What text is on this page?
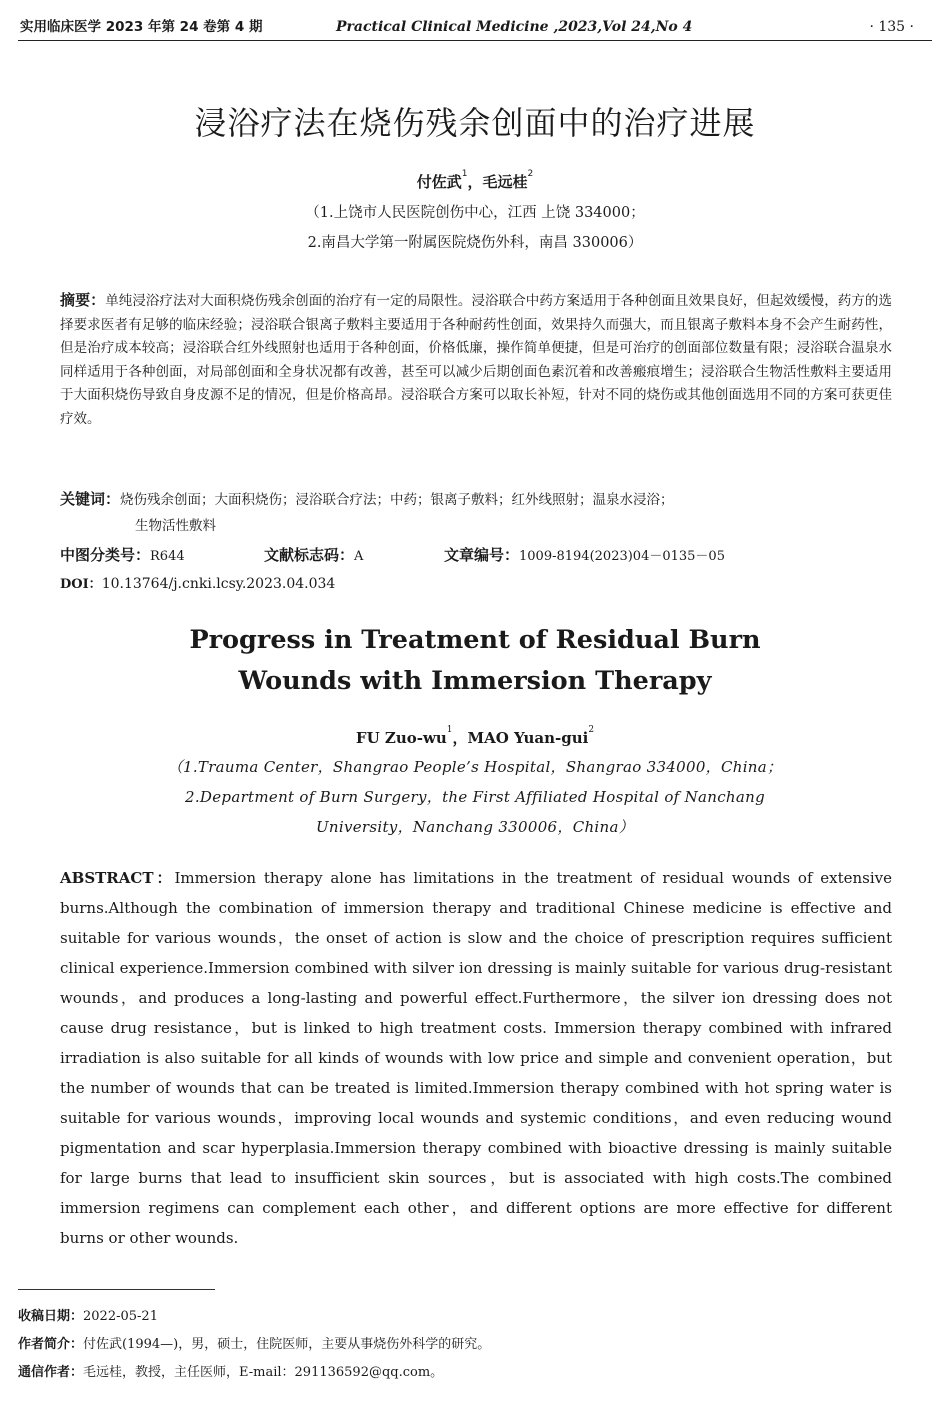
实用临床医学 2023 年第 24 卷第 4 期	Practical Clinical Medicine ,2023,Vol 24,No 4	· 135 ·
浸浴疗法在烧伤残余创面中的治疗进展
付佐武$^1$，毛远桂$^2$
（1.上饶市人民医院创伤中心，江西 上饶 334000；
2.南昌大学第一附属医院烧伤外科，南昌 330006）
摘要：单纯浸浴疗法对大面积烧伤残余创面的治疗有一定的局限性。浸浴联合中药方案适用于各种创面且效果良好，但起效缓慢，药方的选择要求医者有足够的临床经验；浸浴联合银离子敷料主要适用于各种耐药性创面，效果持久而强大，而且银离子敷料本身不会产生耐药性，但是治疗成本较高；浸浴联合红外线照射也适用于各种创面，价格低廉，操作简单便捷，但是可治疗的创面部位数量有限；浸浴联合温泉水同样适用于各种创面，对局部创面和全身状况都有改善，甚至可以减少后期创面色素沉着和改善瘢痕增生；浸浴联合生物活性敷料主要适用于大面积烧伤导致自身皮源不足的情况，但是价格高昂。浸浴联合方案可以取长补短，针对不同的烧伤或其他创面选用不同的方案可获更佳疗效。
关键词：烧伤残余创面；大面积烧伤；浸浴联合疗法；中药；银离子敷料；红外线照射；温泉水浸浴；
生物活性敷料
中图分类号：R644	文献标志码：A	文章编号：1009-8194(2023)04－0135－05
DOI：10.13764/j.cnki.lcsy.2023.04.034
Progress in Treatment of Residual Burn
Wounds with Immersion Therapy
FU Zuo-$wu^1$，MAO Yuan-gui$^2$
（1.Trauma Center，Shangrao People’s Hospital，Shangrao 334000，China；
2.Department of Burn Surgery，the First Affiliated Hospital of Nanchang
University，Nanchang 330006，China）
ABSTRACT：Immersion therapy alone has limitations in the treatment of residual wounds of extensive burns.Although the combination of immersion therapy and traditional Chinese medicine is effective and suitable for various wounds，the onset of action is slow and the choice of prescription requires sufficient clinical experience.Immersion combined with silver ion dressing is mainly suitable for various drug-resistant wounds，and produces a long-lasting and powerful effect.Furthermore，the silver ion dressing does not cause drug resistance，but is linked to high treatment costs. Immersion therapy combined with infrared irradiation is also suitable for all kinds of wounds with low price and simple and convenient operation，but the number of wounds that can be treated is limited.Immersion therapy combined with hot spring water is suitable for various wounds，improving local wounds and systemic conditions，and even reducing wound pigmentation and scar hyperplasia.Immersion therapy combined with bioactive dressing is mainly suitable for large burns that lead to insufficient skin sources，but is associated with high costs.The combined immersion regimens can complement each other，and different options are more effective for different burns or other wounds.
收稿日期：2022-05-21
作者简介：付佐武(1994—)，男，硕士，住院医师，主要从事烧伤外科学的研究。
通信作者：毛远桂，教授，主任医师，E-mail：291136592@qq.com。
